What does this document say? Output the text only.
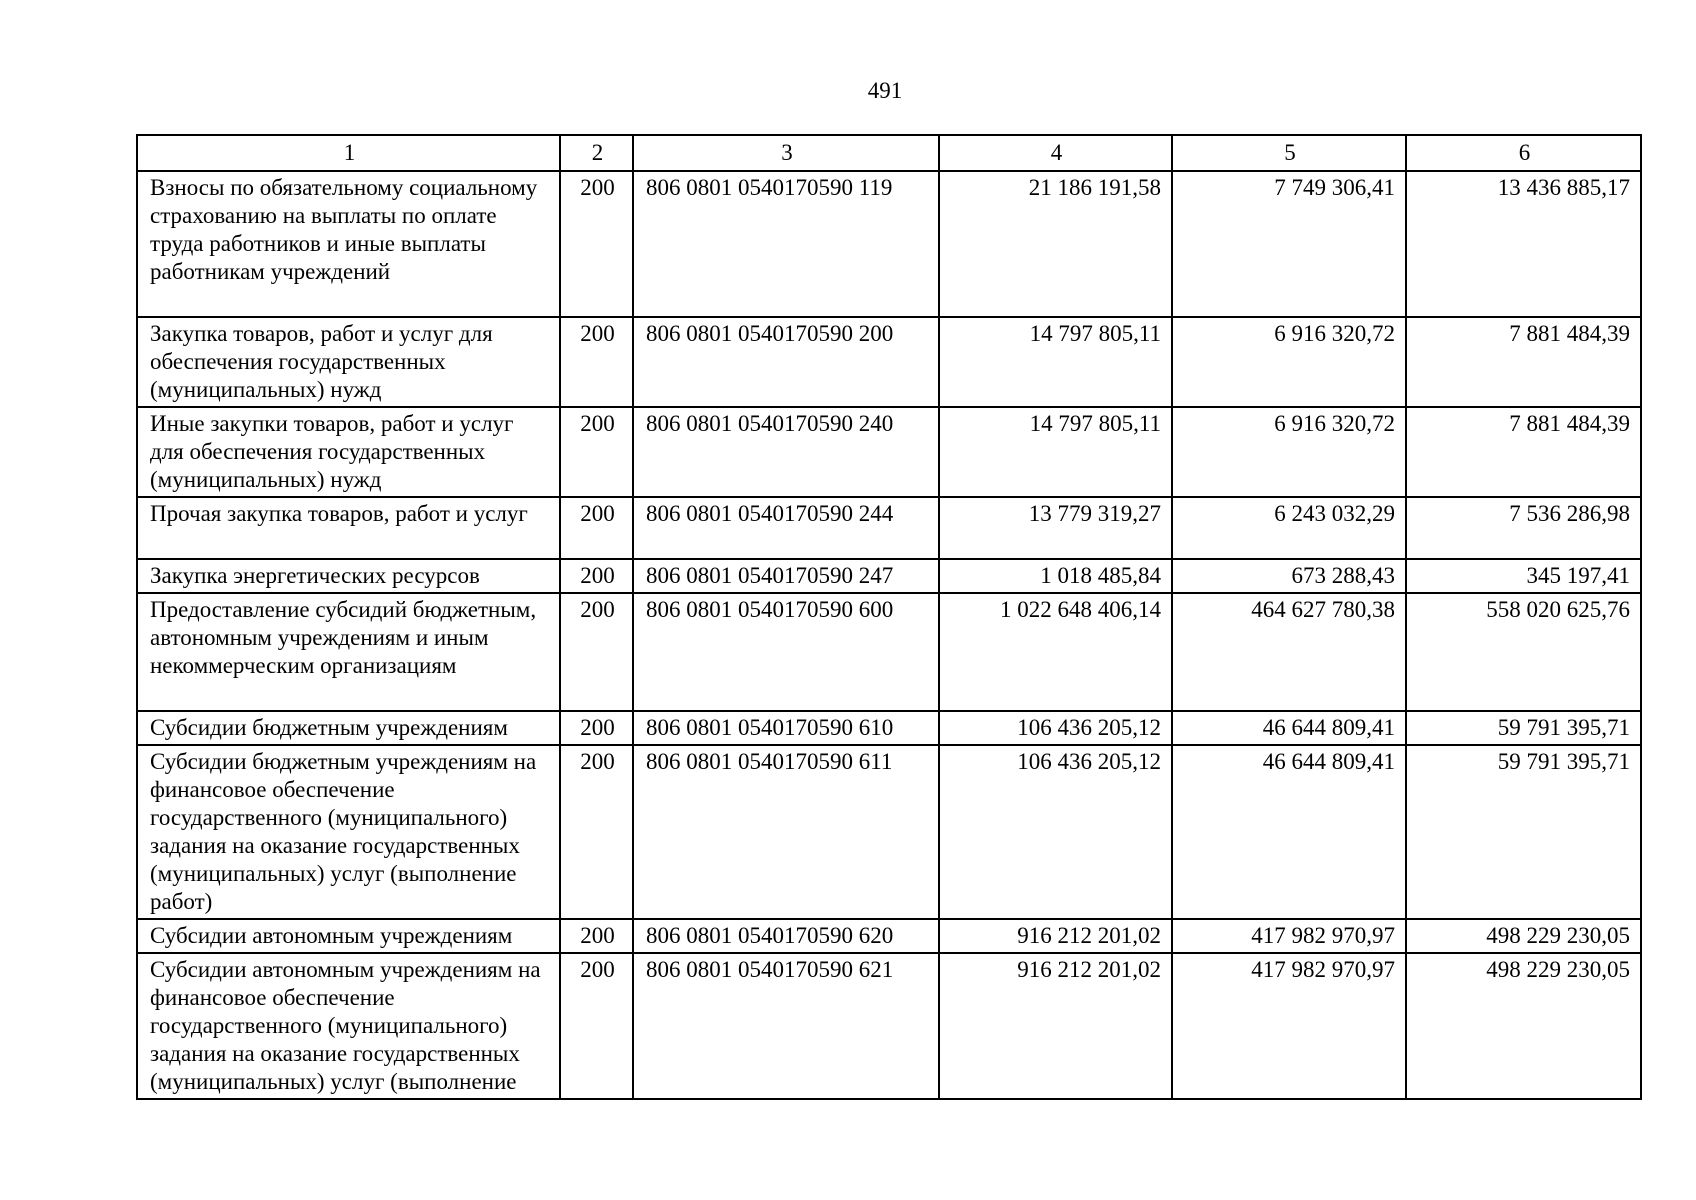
491
1	2	3	4	5	6
Взносы по обязательному социальному страхованию на выплаты по оплате труда работников и иные выплаты работникам учреждений	200	806 0801 0540170590 119	21 186 191,58	7 749 306,41	13 436 885,17
Закупка товаров, работ и услуг для обеспечения государственных (муниципальных) нужд	200	806 0801 0540170590 200	14 797 805,11	6 916 320,72	7 881 484,39
Иные закупки товаров, работ и услуг для обеспечения государственных (муниципальных) нужд	200	806 0801 0540170590 240	14 797 805,11	6 916 320,72	7 881 484,39
Прочая закупка товаров, работ и услуг	200	806 0801 0540170590 244	13 779 319,27	6 243 032,29	7 536 286,98
Закупка энергетических ресурсов	200	806 0801 0540170590 247	1 018 485,84	673 288,43	345 197,41
Предоставление субсидий бюджетным, автономным учреждениям и иным некоммерческим организациям	200	806 0801 0540170590 600	1 022 648 406,14	464 627 780,38	558 020 625,76
Субсидии бюджетным учреждениям	200	806 0801 0540170590 610	106 436 205,12	46 644 809,41	59 791 395,71
Субсидии бюджетным учреждениям на финансовое обеспечение государственного (муниципального) задания на оказание государственных (муниципальных) услуг (выполнение работ)	200	806 0801 0540170590 611	106 436 205,12	46 644 809,41	59 791 395,71
Субсидии автономным учреждениям	200	806 0801 0540170590 620	916 212 201,02	417 982 970,97	498 229 230,05
Субсидии автономным учреждениям на финансовое обеспечение государственного (муниципального) задания на оказание государственных (муниципальных) услуг (выполнение	200	806 0801 0540170590 621	916 212 201,02	417 982 970,97	498 229 230,05
